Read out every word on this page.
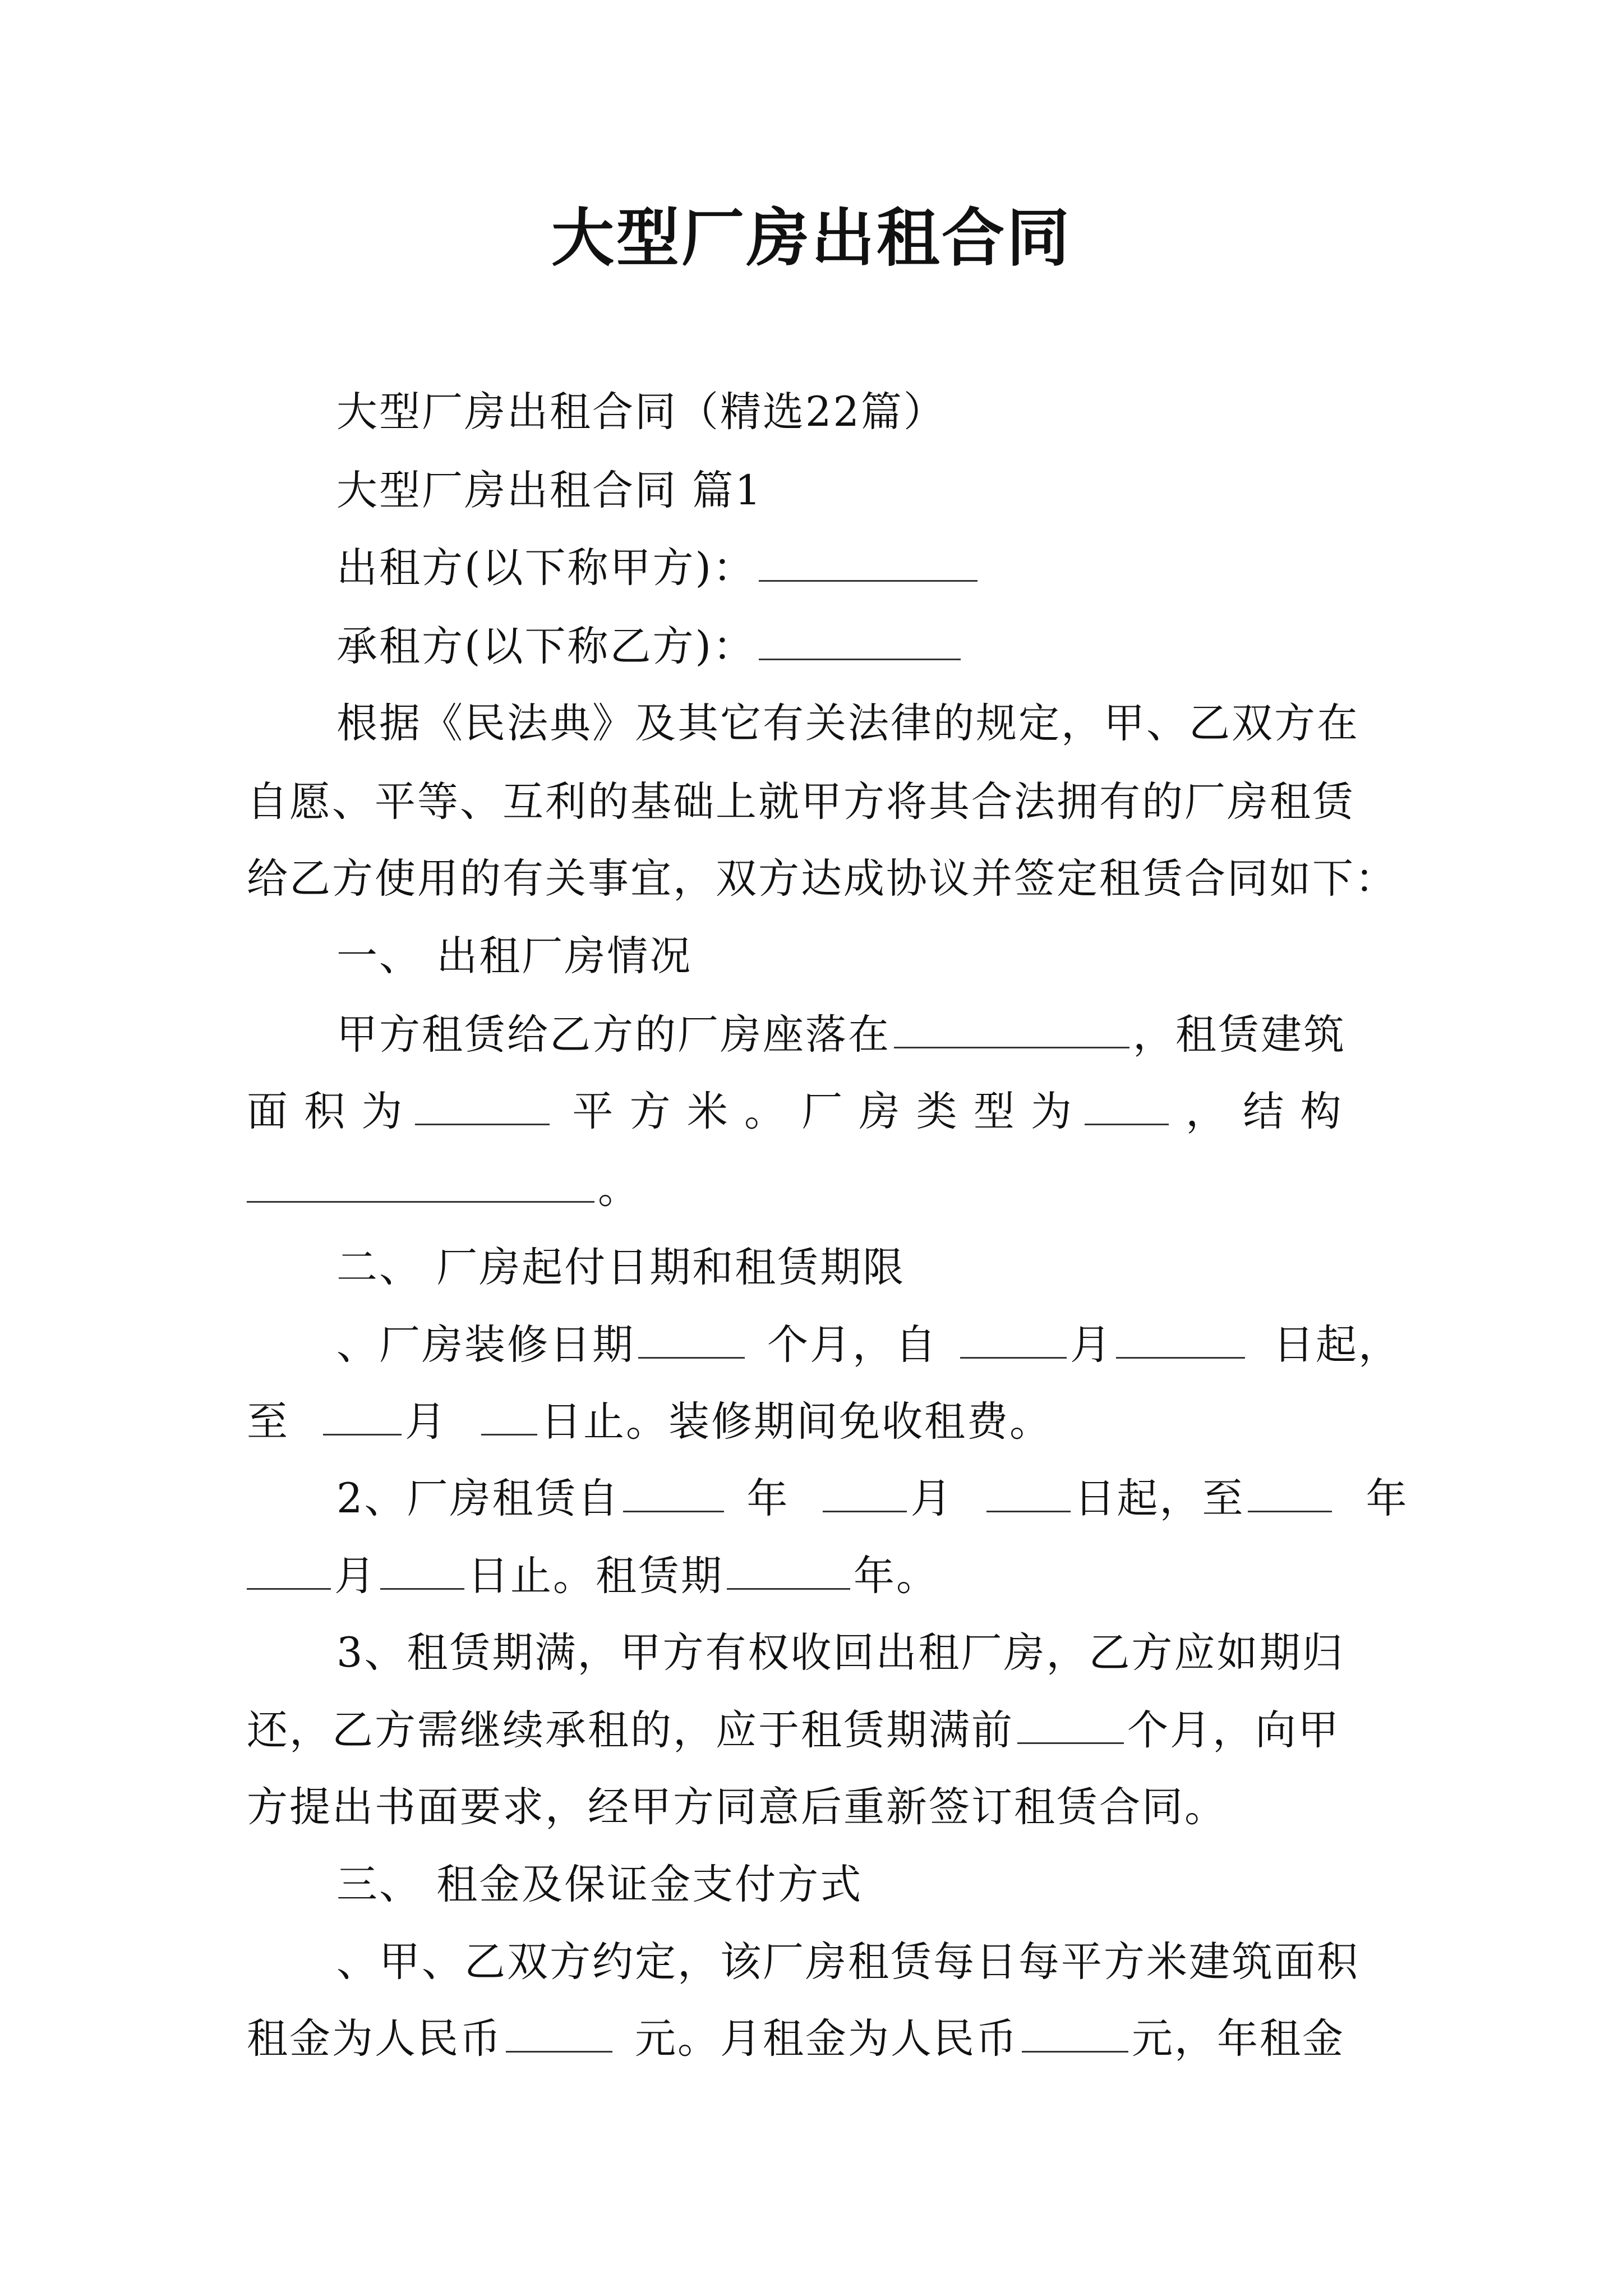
大型厂房出租合同
大型厂房出租合同（精选22篇）
大型厂房出租合同 篇1
出租方(以下称甲方)：
承租方(以下称乙方)：
根据《民法典》及其它有关法律的规定，甲、乙双方在
自愿、平等、互利的基础上就甲方将其合法拥有的厂房租赁
给乙方使用的有关事宜，双方达成协议并签定租赁合同如下：
一、 出租厂房情况
甲方租赁给乙方的厂房座落在	，租赁建筑
面 积 为	平 方 米 。 厂 房 类 型 为	， 结 构
。
二、 厂房起付日期和租赁期限
、厂房装修日期	个月，自	月	日起，
至	月 日止。装修期间免收租费。
2、厂房租赁自	年	月	日起，至	年
月 日止。租赁期	年。
3、租赁期满，甲方有权收回出租厂房，乙方应如期归
还，乙方需继续承租的，应于租赁期满前	个月，向甲
方提出书面要求，经甲方同意后重新签订租赁合同。
三、 租金及保证金支付方式
、甲、乙双方约定，该厂房租赁每日每平方米建筑面积
租金为人民币	元。月租金为人民币	元，年租金
